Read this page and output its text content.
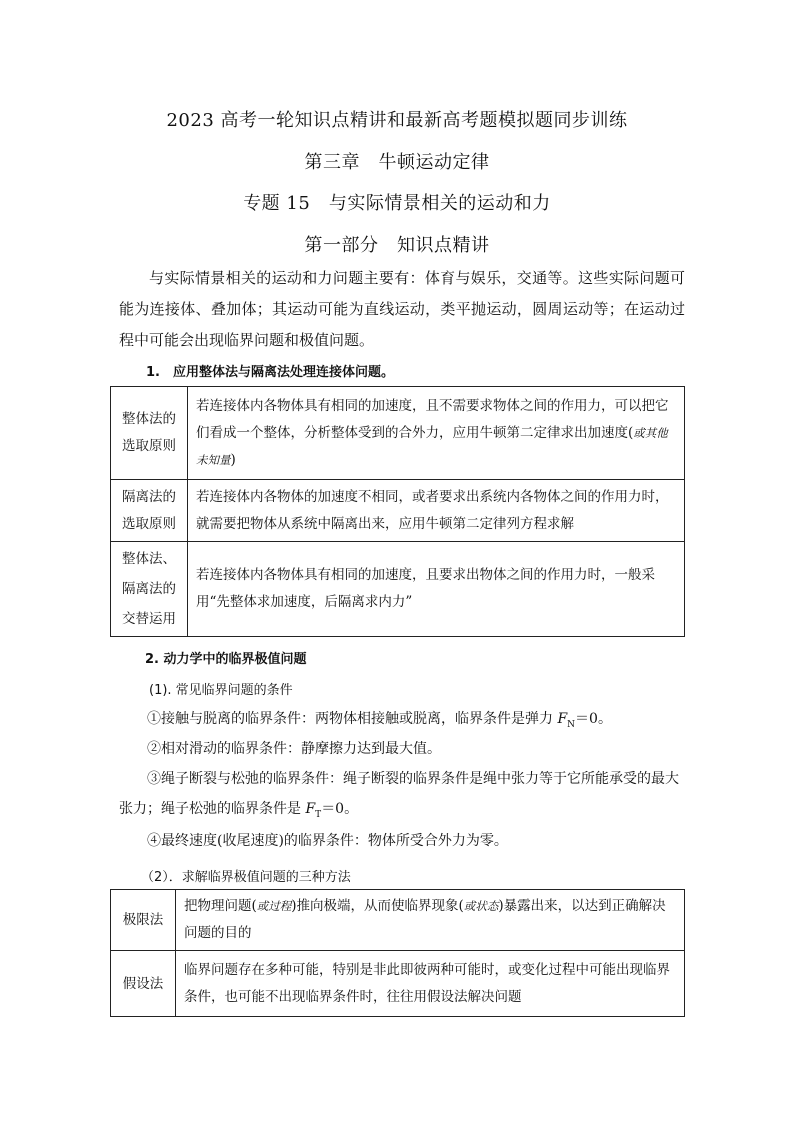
2023 高考一轮知识点精讲和最新高考题模拟题同步训练
第三章　牛顿运动定律
专题 15　与实际情景相关的运动和力
第一部分　知识点精讲
与实际情景相关的运动和力问题主要有：体育与娱乐，交通等。这些实际问题可能为连接体、叠加体；其运动可能为直线运动，类平抛运动，圆周运动等；在运动过程中可能会出现临界问题和极值问题。
1.　应用整体法与隔离法处理连接体问题。
整体法的选取原则	若连接体内各物体具有相同的加速度，且不需要求物体之间的作用力，可以把它们看成一个整体，分析整体受到的合外力，应用牛顿第二定律求出加速度(或其他未知量)
隔离法的选取原则	若连接体内各物体的加速度不相同，或者要求出系统内各物体之间的作用力时，就需要把物体从系统中隔离出来，应用牛顿第二定律列方程求解
整体法、隔离法的交替运用	若连接体内各物体具有相同的加速度，且要求出物体之间的作用力时，一般采用“先整体求加速度，后隔离求内力”
2. 动力学中的临界极值问题
(1). 常见临界问题的条件
①接触与脱离的临界条件：两物体相接触或脱离，临界条件是弹力 $F_N=0$。
②相对滑动的临界条件：静摩擦力达到最大值。
③绳子断裂与松弛的临界条件：绳子断裂的临界条件是绳中张力等于它所能承受的最大张力；绳子松弛的临界条件是 $F_T=0$。
④最终速度(收尾速度)的临界条件：物体所受合外力为零。
（2）．求解临界极值问题的三种方法
极限法	把物理问题(或过程)推向极端，从而使临界现象(或状态)暴露出来，以达到正确解决问题的目的
假设法	临界问题存在多种可能，特别是非此即彼两种可能时，或变化过程中可能出现临界条件，也可能不出现临界条件时，往往用假设法解决问题
